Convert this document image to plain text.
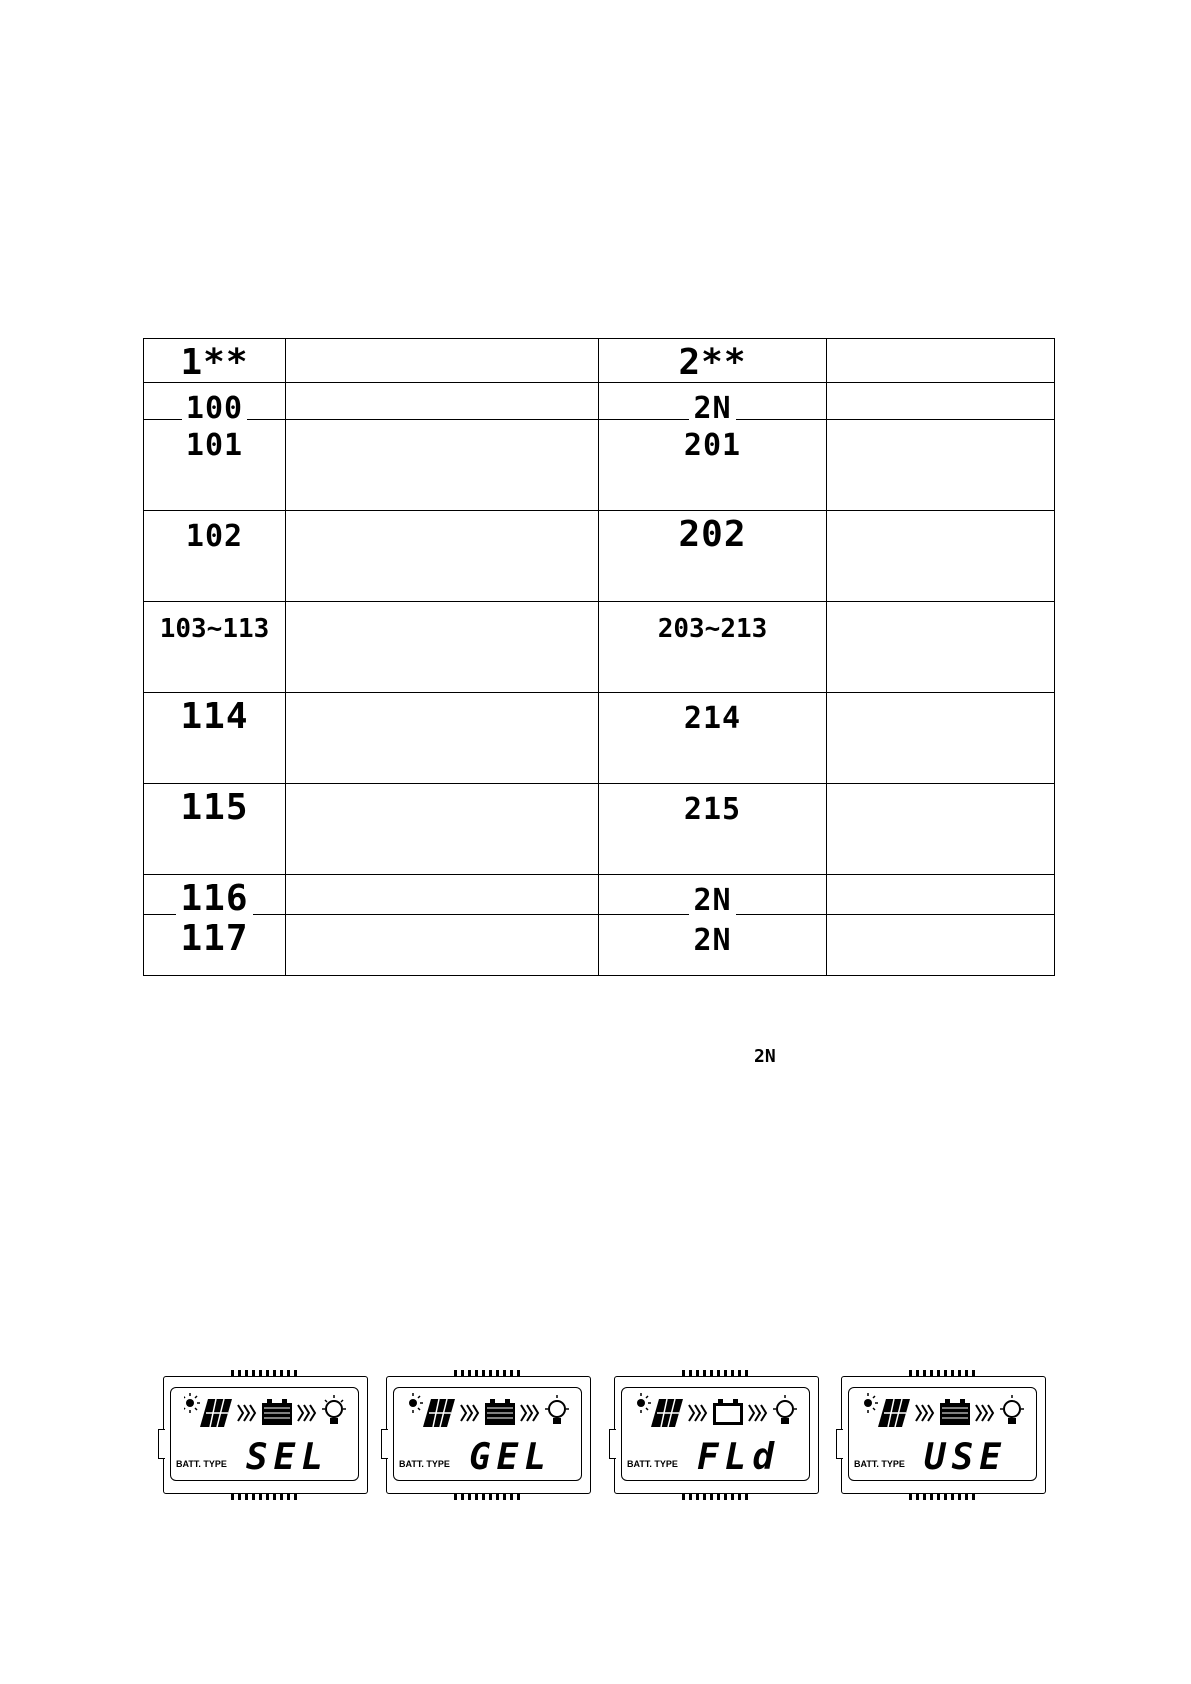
1**		2**	
100		2N	
101		201	
102		202	
103~113		203~213	
114		214	
115		215	
116		2N	
117		2N	
2N
BATT. TYPE SEL	BATT. TYPE GEL	BATT. TYPE FLd	BATT. TYPE USE
